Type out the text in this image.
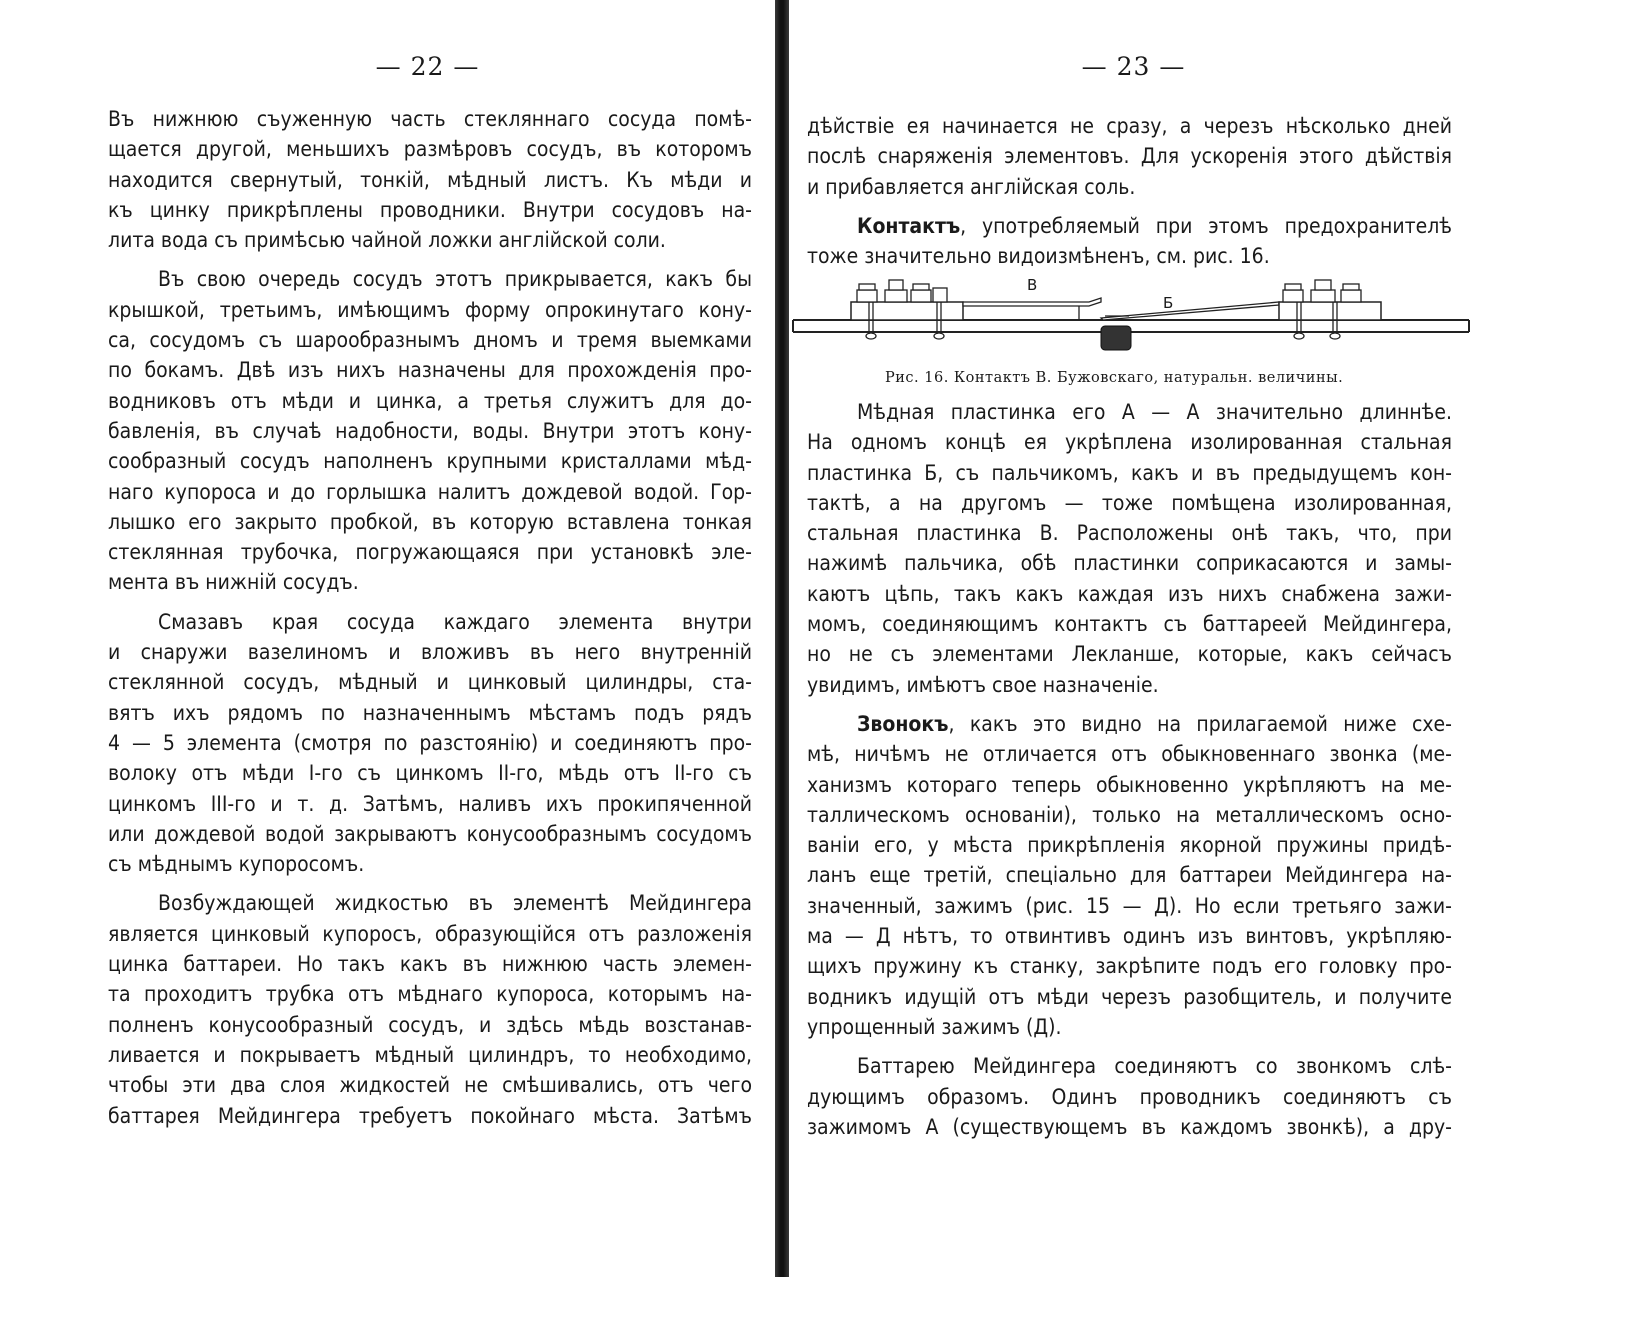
— 22 —
Въ нижнюю съуженную часть стекляннаго сосуда помѣ-
щается другой, меньшихъ размѣровъ сосудъ, въ которомъ
находится свернутый, тонкій, мѣдный листъ. Къ мѣди и
къ цинку прикрѣплены проводники. Внутри сосудовъ на-
лита вода съ примѣсью чайной ложки англійской соли.
Въ свою очередь сосудъ этотъ прикрывается, какъ бы
крышкой, третьимъ, имѣющимъ форму опрокинутаго кону-
са, сосудомъ съ шарообразнымъ дномъ и тремя выемками
по бокамъ. Двѣ изъ нихъ назначены для прохожденія про-
водниковъ отъ мѣди и цинка, а третья служитъ для до-
бавленія, въ случаѣ надобности, воды. Внутри этотъ кону-
сообразный сосудъ наполненъ крупными кристаллами мѣд-
наго купороса и до горлышка налитъ дождевой водой. Гор-
лышко его закрыто пробкой, въ которую вставлена тонкая
стеклянная трубочка, погружающаяся при установкѣ эле-
мента въ нижній сосудъ.
Смазавъ края сосуда каждаго элемента внутри
и снаружи вазелиномъ и вложивъ въ него внутренній
стеклянной сосудъ, мѣдный и цинковый цилиндры, ста-
вятъ ихъ рядомъ по назначеннымъ мѣстамъ подъ рядъ
4 — 5 элемента (смотря по разстоянію) и соединяютъ про-
волоку отъ мѣди I-го съ цинкомъ II-го, мѣдь отъ II-го съ
цинкомъ III-го и т. д. Затѣмъ, наливъ ихъ прокипяченной
или дождевой водой закрываютъ конусообразнымъ сосудомъ
съ мѣднымъ купоросомъ.
Возбуждающей жидкостью въ элементѣ Мейдингера
является цинковый купоросъ, образующійся отъ разложенія
цинка баттареи. Но такъ какъ въ нижнюю часть элемен-
та проходитъ трубка отъ мѣднаго купороса, которымъ на-
полненъ конусообразный сосудъ, и здѣсь мѣдь возстанав-
ливается и покрываетъ мѣдный цилиндръ, то необходимо,
чтобы эти два слоя жидкостей не смѣшивались, отъ чего
баттарея Мейдингера требуетъ покойнаго мѣста. Затѣмъ
— 23 —
дѣйствіе ея начинается не сразу, а черезъ нѣсколько дней
послѣ снаряженія элементовъ. Для ускоренія этого дѣйствія
и прибавляется англійская соль.
Контактъ, употребляемый при этомъ предохранителѣ
тоже значительно видоизмѣненъ, см. рис. 16.
В
Б
Рис. 16. Контактъ В. Бужовскаго, натуральн. величины.
Мѣдная пластинка его А — А значительно длиннѣе.
На одномъ концѣ ея укрѣплена изолированная стальная
пластинка Б, съ пальчикомъ, какъ и въ предыдущемъ кон-
тактѣ, а на другомъ — тоже помѣщена изолированная,
стальная пластинка В. Расположены онѣ такъ, что, при
нажимѣ пальчика, обѣ пластинки соприкасаются и замы-
каютъ цѣпь, такъ какъ каждая изъ нихъ снабжена зажи-
момъ, соединяющимъ контактъ съ баттареей Мейдингера,
но не съ элементами Лекланше, которые, какъ сейчасъ
увидимъ, имѣютъ свое назначеніе.
Звонокъ, какъ это видно на прилагаемой ниже схе-
мѣ, ничѣмъ не отличается отъ обыкновеннаго звонка (ме-
ханизмъ котораго теперь обыкновенно укрѣпляютъ на ме-
таллическомъ основаніи), только на металлическомъ осно-
ваніи его, у мѣста прикрѣпленія якорной пружины придѣ-
ланъ еще третій, спеціально для баттареи Мейдингера на-
значенный, зажимъ (рис. 15 — Д). Но если третьяго зажи-
ма — Д нѣтъ, то отвинтивъ одинъ изъ винтовъ, укрѣпляю-
щихъ пружину къ станку, закрѣпите подъ его головку про-
водникъ идущій отъ мѣди черезъ разобщитель, и получите
упрощенный зажимъ (Д).
Баттарею Мейдингера соединяютъ со звонкомъ слѣ-
дующимъ образомъ. Одинъ проводникъ соединяютъ съ
зажимомъ А (существующемъ въ каждомъ звонкѣ), а дру-
